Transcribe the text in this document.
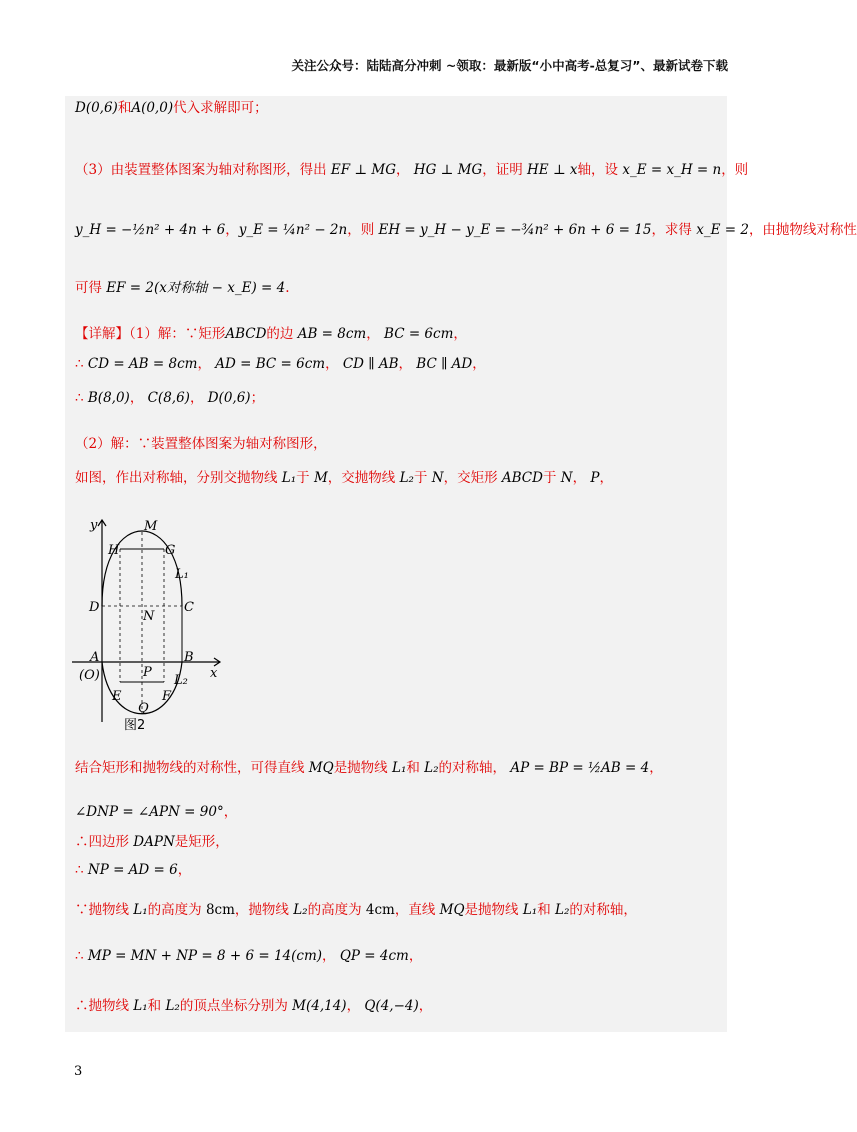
关注公众号：陆陆高分冲刺 ~领取：最新版“小中高考-总复习”、最新试卷下载
D(0,6)和A(0,0)代入求解即可；
（3）由装置整体图案为轴对称图形，得出 EF ⊥ MG， HG ⊥ MG，证明 HE ⊥ x轴，设 x_E = x_H = n，则
y_H = −½n² + 4n + 6，y_E = ¼n² − 2n，则 EH = y_H − y_E = −¾n² + 6n + 6 = 15，求得 x_E = 2，由抛物线对称性
可得 EF = 2(x对称轴 − x_E) = 4.
【详解】（1）解：∵矩形ABCD的边 AB = 8cm， BC = 6cm，
∴ CD = AB = 8cm， AD = BC = 6cm， CD ∥ AB， BC ∥ AD，
∴ B(8,0)， C(8,6)， D(0,6)；
（2）解：∵装置整体图案为轴对称图形，
如图，作出对称轴，分别交抛物线 L₁于 M，交抛物线 L₂于 N，交矩形 ABCD于 N， P，
结合矩形和抛物线的对称性，可得直线 MQ是抛物线 L₁和 L₂的对称轴， AP = BP = ½AB = 4，
∠DNP = ∠APN = 90°，
∴四边形 DAPN是矩形，
∴ NP = AD = 6，
∵抛物线 L₁的高度为 8cm，抛物线 L₂的高度为 4cm，直线 MQ是抛物线 L₁和 L₂的对称轴，
∴ MP = MN + NP = 8 + 6 = 14(cm)， QP = 4cm，
∴抛物线 L₁和 L₂的顶点坐标分别为 M(4,14)， Q(4,−4)，
y	M
H	G
L₁
D	C
N
A	B
(O)	P	x
L₂
E	F
Q
图2
3
